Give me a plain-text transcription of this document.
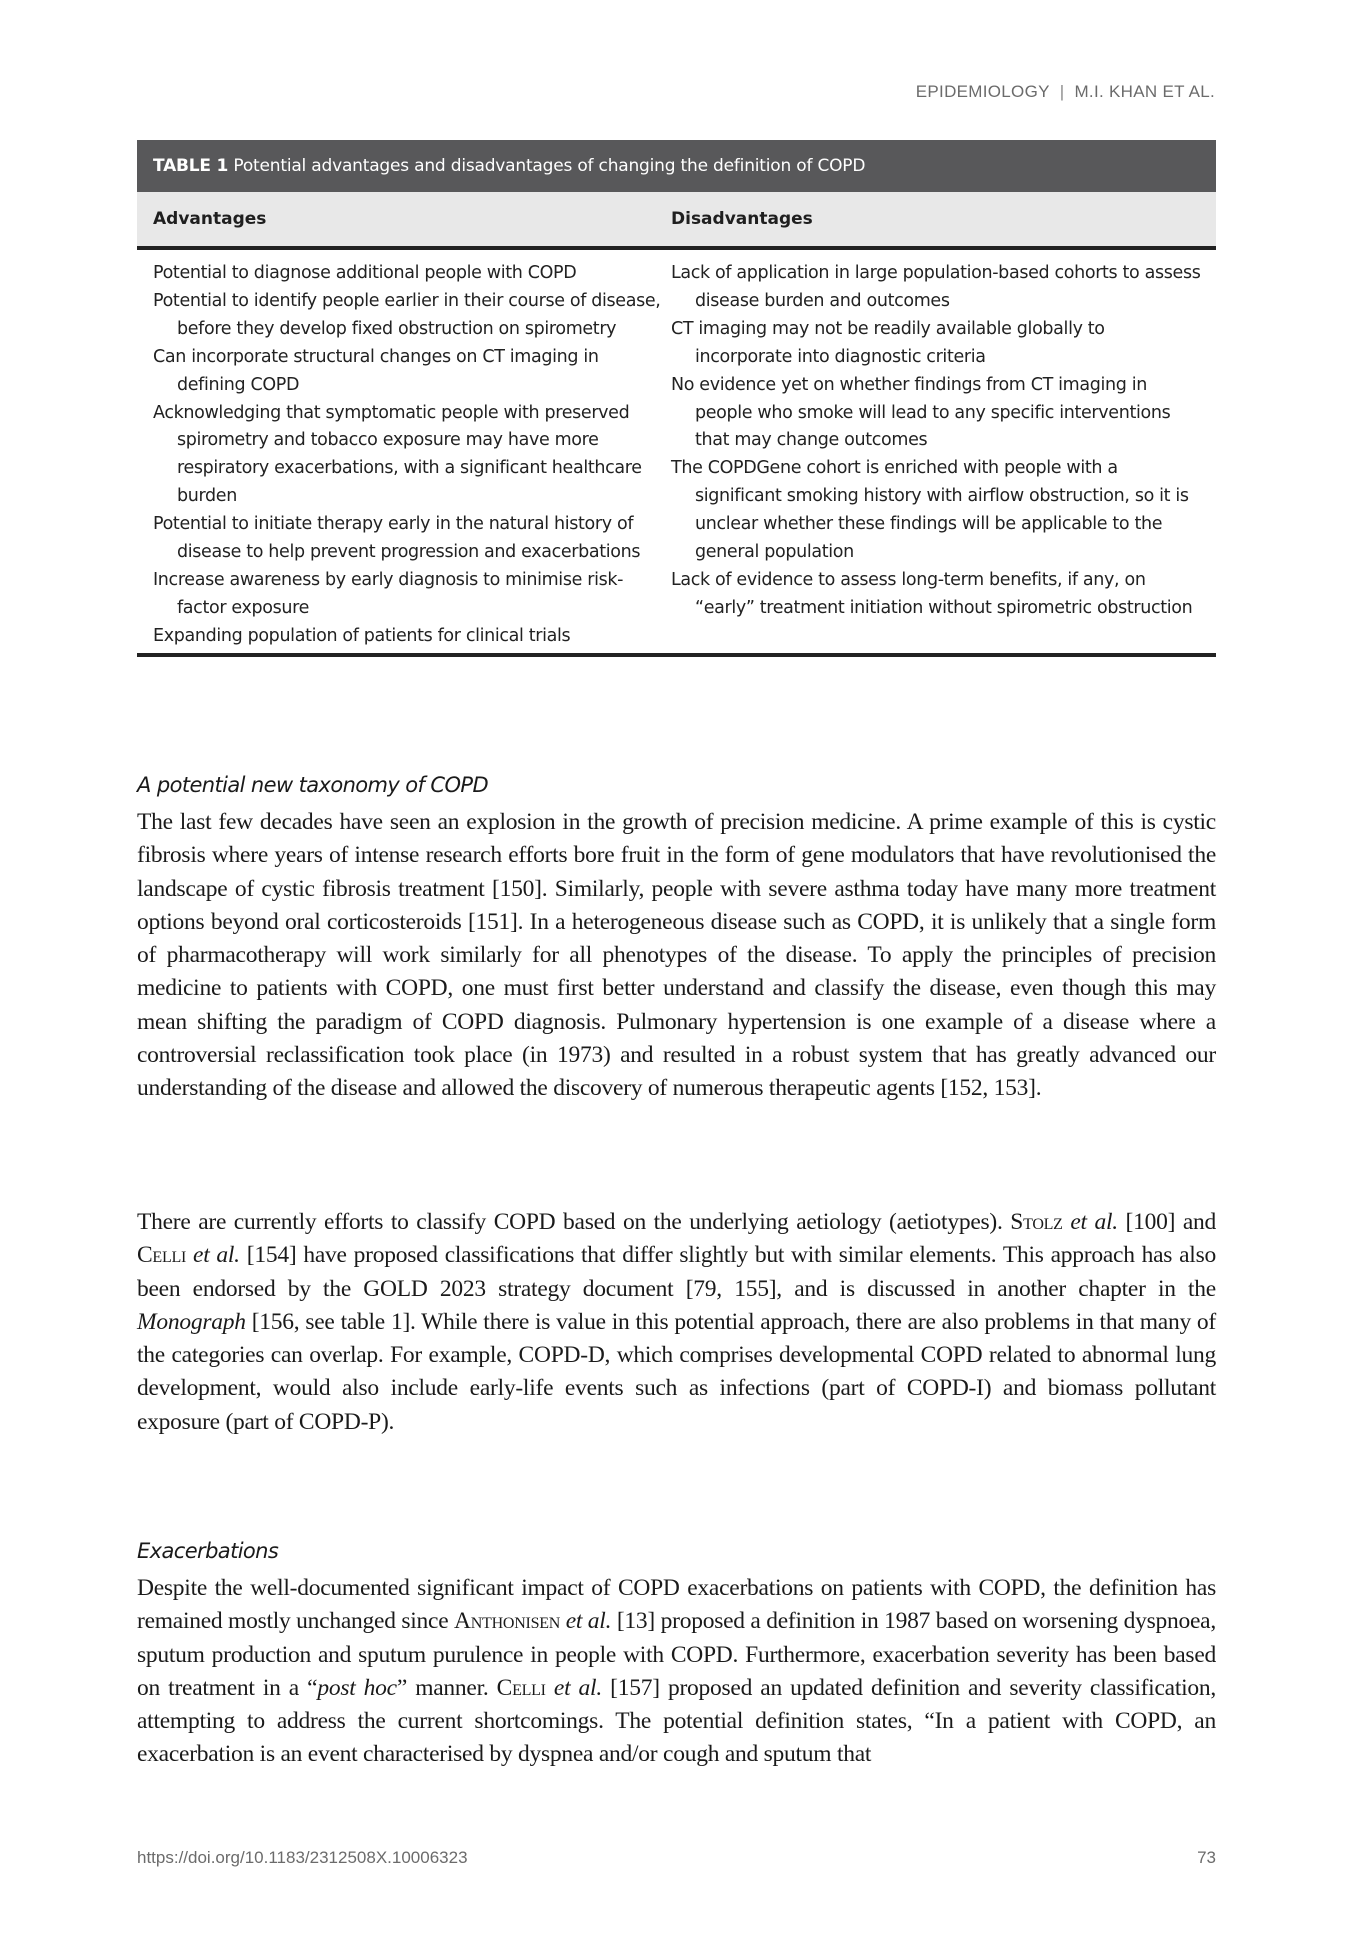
EPIDEMIOLOGY | M.I. KHAN ET AL.
TABLE 1 Potential advantages and disadvantages of changing the definition of COPD
Advantages	Disadvantages
Potential to diagnose additional people with COPD
Potential to identify people earlier in their course of disease, before they develop fixed obstruction on spirometry
Can incorporate structural changes on CT imaging in defining COPD
Acknowledging that symptomatic people with preserved spirometry and tobacco exposure may have more respiratory exacerbations, with a significant healthcare burden
Potential to initiate therapy early in the natural history of disease to help prevent progression and exacerbations
Increase awareness by early diagnosis to minimise risk-factor exposure
Expanding population of patients for clinical trials
Lack of application in large population-based cohorts to assess disease burden and outcomes
CT imaging may not be readily available globally to incorporate into diagnostic criteria
No evidence yet on whether findings from CT imaging in people who smoke will lead to any specific interventions that may change outcomes
The COPDGene cohort is enriched with people with a significant smoking history with airflow obstruction, so it is unclear whether these findings will be applicable to the general population
Lack of evidence to assess long-term benefits, if any, on “early” treatment initiation without spirometric obstruction
A potential new taxonomy of COPD

The last few decades have seen an explosion in the growth of precision medicine. A prime example of this is cystic fibrosis where years of intense research efforts bore fruit in the form of gene modulators that have revolutionised the landscape of cystic fibrosis treatment [150]. Similarly, people with severe asthma today have many more treatment options beyond oral corticosteroids [151]. In a heterogeneous disease such as COPD, it is unlikely that a single form of pharmacotherapy will work similarly for all phenotypes of the disease. To apply the principles of precision medicine to patients with COPD, one must first better understand and classify the disease, even though this may mean shifting the paradigm of COPD diagnosis. Pulmonary hypertension is one example of a disease where a controversial reclassification took place (in 1973) and resulted in a robust system that has greatly advanced our understanding of the disease and allowed the discovery of numerous therapeutic agents [152, 153].

There are currently efforts to classify COPD based on the underlying aetiology (aetiotypes). Stolz et al. [100] and Celli et al. [154] have proposed classifications that differ slightly but with similar elements. This approach has also been endorsed by the GOLD 2023 strategy document [79, 155], and is discussed in another chapter in the Monograph [156, see table 1]. While there is value in this potential approach, there are also problems in that many of the categories can overlap. For example, COPD-D, which comprises developmental COPD related to abnormal lung development, would also include early-life events such as infections (part of COPD-I) and biomass pollutant exposure (part of COPD-P).

Exacerbations

Despite the well-documented significant impact of COPD exacerbations on patients with COPD, the definition has remained mostly unchanged since Anthonisen et al. [13] proposed a definition in 1987 based on worsening dyspnoea, sputum production and sputum purulence in people with COPD. Furthermore, exacerbation severity has been based on treatment in a “post hoc” manner. Celli et al. [157] proposed an updated definition and severity classification, attempting to address the current shortcomings. The potential definition states, “In a patient with COPD, an exacerbation is an event characterised by dyspnea and/or cough and sputum that

https://doi.org/10.1183/2312508X.10006323	73
